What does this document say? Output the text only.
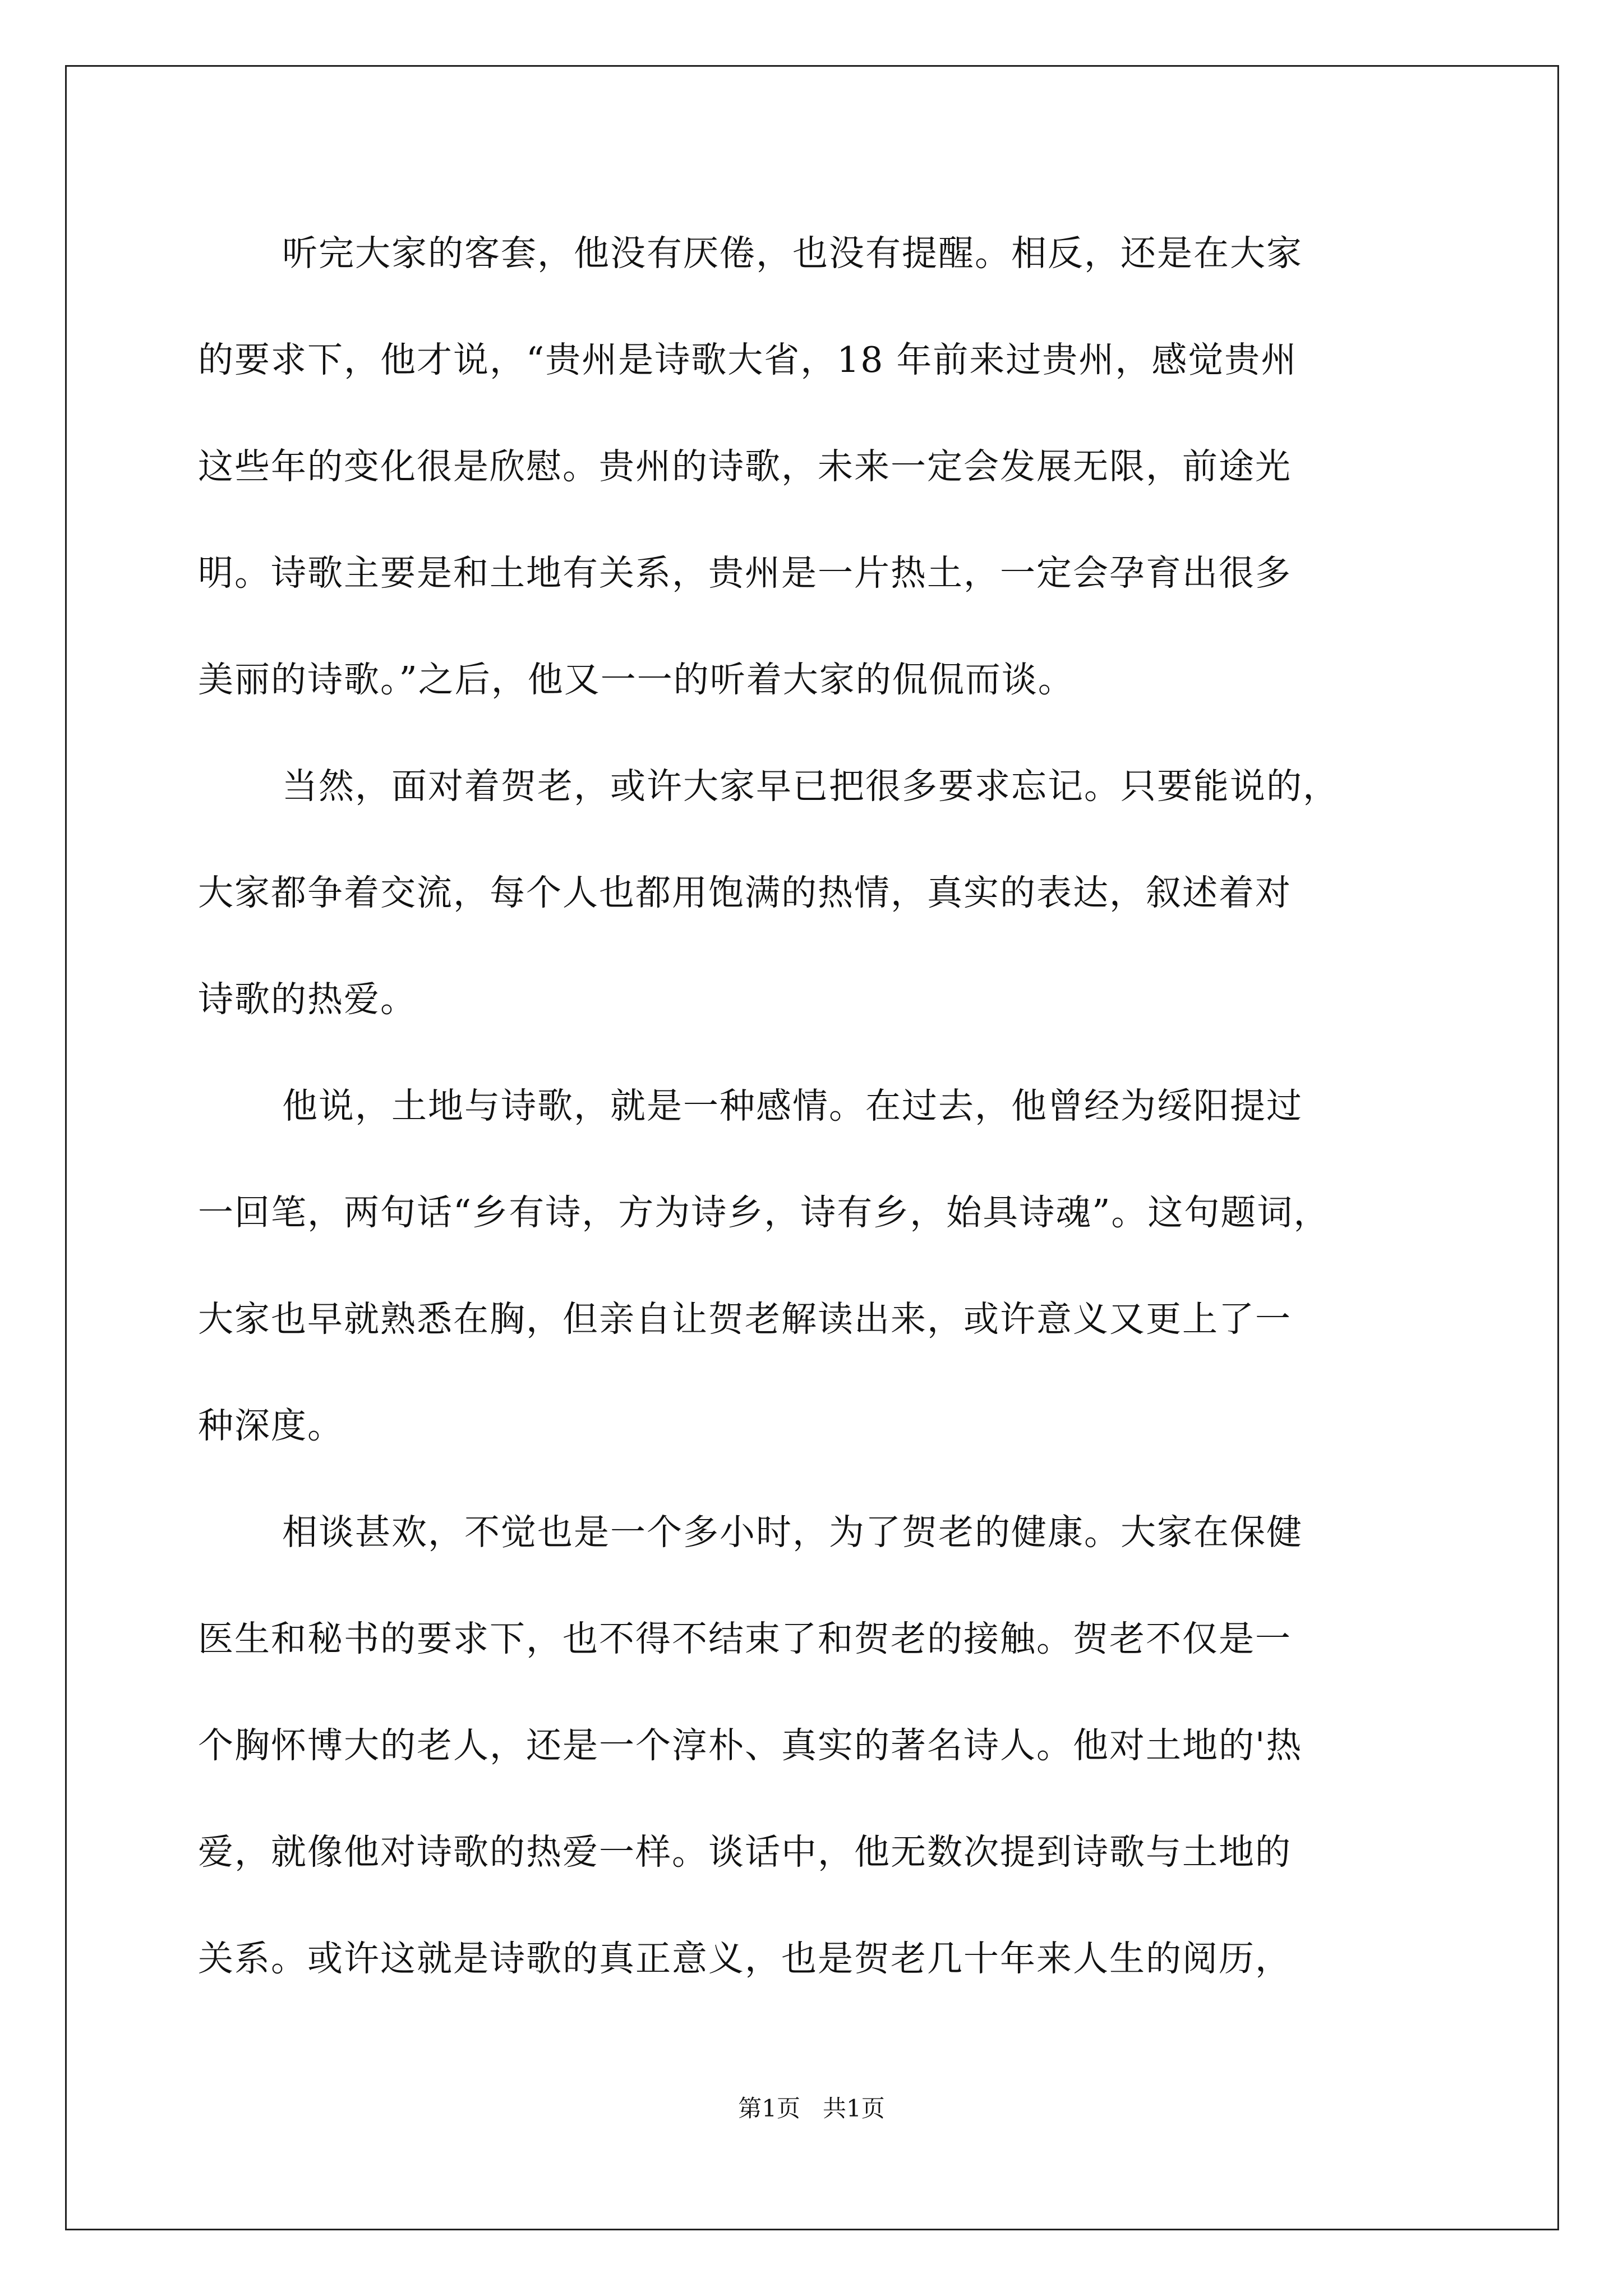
听完大家的客套，他没有厌倦，也没有提醒。相反，还是在大家
的要求下，他才说，“贵州是诗歌大省，18 年前来过贵州，感觉贵州
这些年的变化很是欣慰。贵州的诗歌，未来一定会发展无限，前途光
明。诗歌主要是和土地有关系，贵州是一片热土，一定会孕育出很多
美丽的诗歌。”之后，他又一一的听着大家的侃侃而谈。
当然，面对着贺老，或许大家早已把很多要求忘记。只要能说的，
大家都争着交流，每个人也都用饱满的热情，真实的表达，叙述着对
诗歌的热爱。
他说，土地与诗歌，就是一种感情。在过去，他曾经为绥阳提过
一回笔，两句话“乡有诗，方为诗乡，诗有乡，始具诗魂”。这句题词，
大家也早就熟悉在胸，但亲自让贺老解读出来，或许意义又更上了一
种深度。
相谈甚欢，不觉也是一个多小时，为了贺老的健康。大家在保健
医生和秘书的要求下，也不得不结束了和贺老的接触。贺老不仅是一
个胸怀博大的老人，还是一个淳朴、真实的著名诗人。他对土地的'热
爱，就像他对诗歌的热爱一样。谈话中，他无数次提到诗歌与土地的
关系。或许这就是诗歌的真正意义，也是贺老几十年来人生的阅历，
第1页   共1页
